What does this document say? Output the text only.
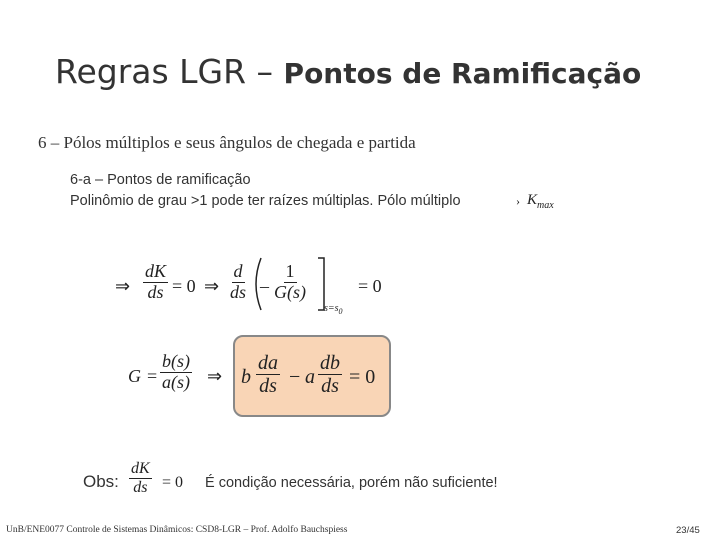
Regras LGR – Pontos de Ramificação
6 – Pólos múltiplos e seus ângulos de chegada e partida
6-a – Pontos de ramificação
Polinômio de grau >1 pode ter raízes múltiplas. Pólo múltiplo	› $K_{max}$
⇒ $\frac{dK}{ds} = 0$ ⇒ $\frac{d}{ds} - \frac{1}{G(s)}$
$s=s_0$
= 0
$G = \frac{b(s)}{a(s)}$ ⇒ b $\frac{da}{ds} - a \frac{db}{ds} = 0$
Obs: $\frac{dK}{ds} = 0$ É condição necessária, porém não suficiente!
UnB/ENE0077 Controle de Sistemas Dinâmicos: CSD8-LGR – Prof. Adolfo Bauchspiess	23/45
